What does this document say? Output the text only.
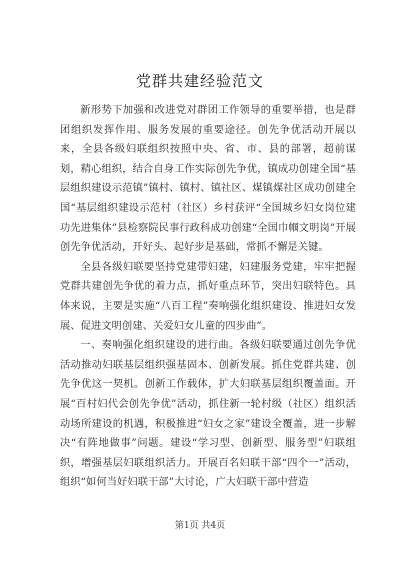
党群共建经验范文

新形势下加强和改进党对群团工作领导的重要举措，也是群团组织发挥作用、服务发展的重要途径。创先争优活动开展以来，全县各级妇联组织按照中央、省、市、县的部署，超前谋划，精心组织，结合自身工作实际创先争优，镇成功创建全国“基层组织建设示范镇”镇村、镇村、镇社区、煤镇煤社区成功创建全国“基层组织建设示范村（社区）乡村获评“全国城乡妇女岗位建功先进集体”县检察院民事行政科成功创建“全国巾帼文明岗”开展创先争优活动，开好头、起好步是基础，常抓不懈是关键。

全县各级妇联要坚持党建带妇建，妇建服务党建，牢牢把握党群共建创先争优的着力点，抓好重点环节，突出妇联特色。具体来说，主要是实施“八百工程”奏响强化组织建设、推进妇女发展、促进文明创建、关爱妇女儿童的四步曲”。

一、奏响强化组织建设的进行曲。各级妇联要通过创先争优活动推动妇联基层组织强基固本、创新发展。抓住党群共建、创先争优这一契机。创新工作载体，扩大妇联基层组织覆盖面。开展“百村妇代会创先争优”活动，抓住新一轮村级（社区）组织活动场所建设的机遇，积极推进“妇女之家”建设全覆盖，进一步解决“有阵地做事”问题。建设“学习型、创新型、服务型”妇联组织，增强基层妇联组织活力。开展百名妇联干部“四个一”活动，组织“如何当好妇联干部”大讨论，广大妇联干部中营造

第1页 共4页
